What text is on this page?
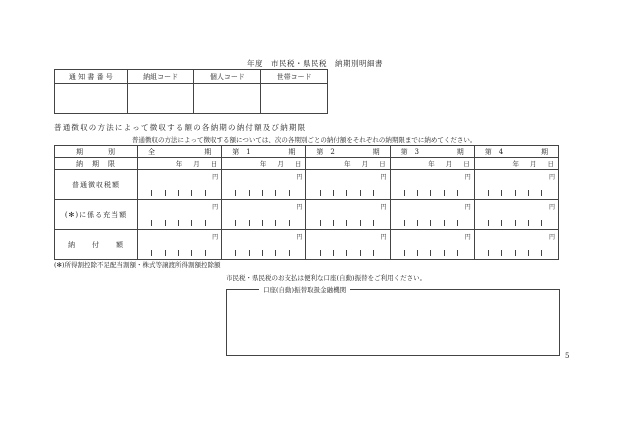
年度　市民税・県民税　納期別明細書
通 知 書 番 号	納組コード	個人コード	世帯コード

普通徴収の方法によって徴収する額の各納期の納付額及び納期限
普通徴収の方法によって徴収する額については、次の各期別ごとの納付額をそれぞれの納期限までに納めてください。
期　　　別	全 期	第　1 期	第　2 期	第　3 期	第　4 期

納　期　限	年 月 日	年 月 日	年 月 日	年 月 日	年 月 日

普通徴収税額	円	円	円	円	円

(✻)に係る充当額	円	円	円	円	円

納　　付　　額	円	円	円	円	円
(✻)所得割控除不足配当割額・株式等譲渡所得割額控除額
市民税・県民税のお支払は便利な口座(自動)振替をご利用ください。
口座(自動)振替取扱金融機関
5
